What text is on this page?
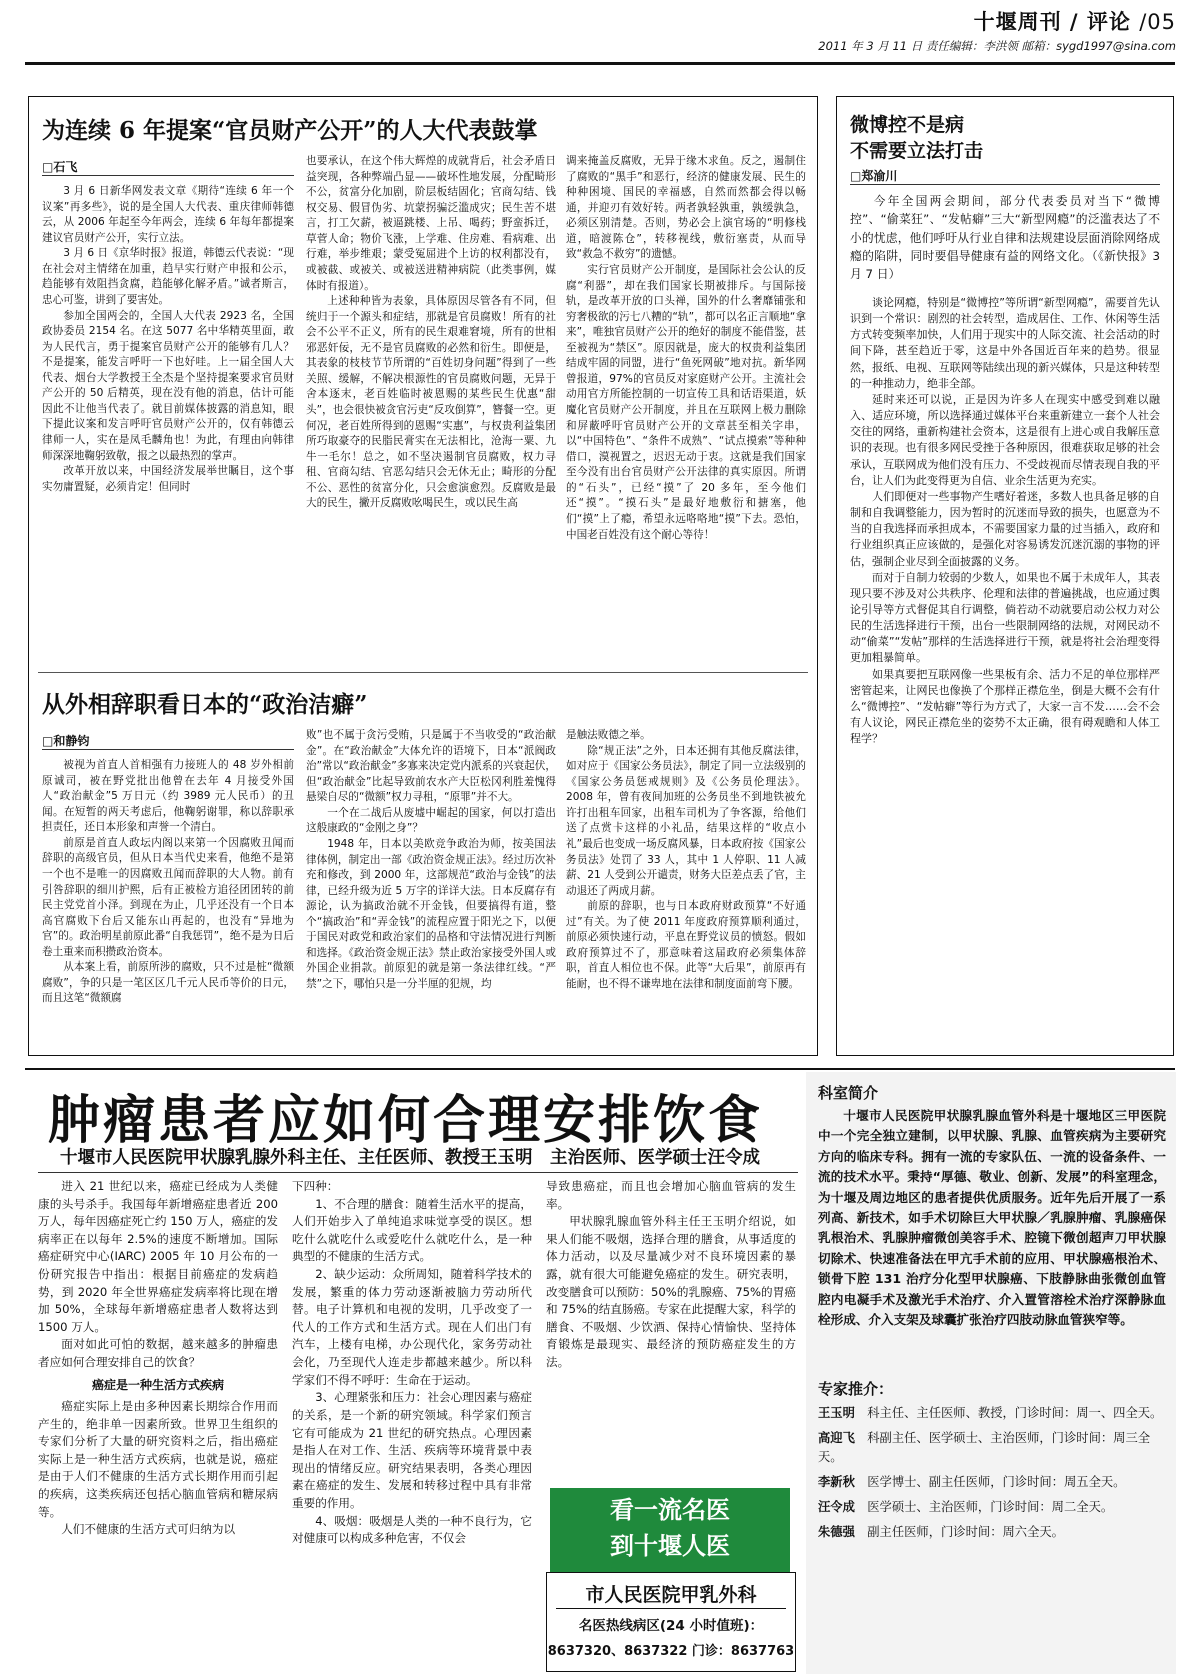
十堰周刊 / 评论 /05
2011 年 3 月 11 日 责任编辑：李洪领 邮箱：sygd1997@sina.com
为连续 6 年提案“官员财产公开”的人大代表鼓掌
□石飞

3 月 6 日新华网发表文章《期待“连续 6 年一个议案”再多些》，说的是全国人大代表、重庆律师韩德云，从 2006 年起至今年两会，连续 6 年每年都提案建议官员财产公开，实行立法。

3 月 6 日《京华时报》报道，韩德云代表说：“现在社会对主情绪在加重，趋早实行财产申报和公示，趋能够有效阻挡贪腐，趋能够化解矛盾。”诚者斯言，忠心可鉴，讲到了要害处。

参加全国两会的，全国人大代表 2923 名，全国政协委员 2154 名。在这 5077 名中华精英里面，敢为人民代言，勇于提案官员财产公开的能够有几人？不是提案，能发言呼吁一下也好哇。上一届全国人大代表、烟台大学教授王全杰是个坚持提案要求官员财产公开的 50 后精英，现在没有他的消息，估计可能因此不让他当代表了。就目前媒体披露的消息知，眼下提此议案和发言呼吁官员财产公开的，仅有韩德云律师一人，实在是凤毛麟角也！为此，有理由向韩律师深深地鞠躬致敬，报之以最热烈的掌声。

改革开放以来，中国经济发展举世瞩目，这个事实勿庸置疑，必须肯定！但同时

也要承认，在这个伟大辉煌的成就背后，社会矛盾日益突现，各种弊端凸显——破坏性地发展，分配畸形不公，贫富分化加剧，阶层板结固化；官商勾结、钱权交易、假冒伪劣、坑蒙拐骗泛滥成灾；民生苦不堪言，打工欠薪，被逼跳楼、上吊、喝药；野蛮拆迁，草菅人命；物价飞涨，上学难、住房难、看病难、出行难，举步维艰；蒙受冤屈进个上访的权利都没有，或被截、或被关、或被送进精神病院（此类事例，媒体时有报道）。

上述种种皆为表象，具体原因尽管各有不同，但统归于一个源头和症结，那就是官员腐败！所有的社会不公平不正义，所有的民生艰难窘境，所有的世相邪恶奸佞，无不是官员腐败的必然和衍生。即便是，其表象的枝枝节节所谓的“百姓切身问题”得到了一些关照、缓解，不解决根源性的官员腐败问题，无异于舍本逐末，老百姓临时被恩赐的某些民生优惠“甜头”，也会很快被贪官污吏“反攻倒算”，簪餐一空。更何况，老百姓所得到的恩赐“实惠”，与权贵利益集团所巧取豪夺的民脂民膏实在无法相比，沧海一粟、九牛一毛尔！总之，如不坚决遏制官员腐败，权力寻租、官商勾结、官恶勾结只会无休无止；畸形的分配不公、恶性的贫富分化，只会愈演愈烈。反腐败是最大的民生，撇开反腐败吆喝民生，或以民生高

调来掩盖反腐败，无异于缘木求鱼。反之，遏制住了腐败的“黑手”和恶行，经济的健康发展、民生的种种困境、国民的幸福感，自然而然都会得以畅通，并迎刃有效好转。两者孰轻孰重，孰缓孰急，必须区别清楚。否则，势必会上演官场的“明修栈道，暗渡陈仓”，转移视线，敷衍塞责，从而导致“救急不救穷”的遗憾。

实行官员财产公开制度，是国际社会公认的反腐“利器”，却在我们国家长期被排斥。与国际接轨，是改革开放的口头禅，国外的什么奢靡铺张和穷奢极欲的污七八糟的“轨”，都可以名正言顺地“拿来”，唯独官员财产公开的绝好的制度不能借鉴，甚至被视为“禁区”。原因就是，庞大的权贵利益集团结成牢固的同盟，进行“鱼死网破”地对抗。新华网曾报道，97%的官员反对家庭财产公开。主流社会动用官方所能控制的一切宣传工具和话语渠道，妖魔化官员财产公开制度，并且在互联网上极力删除和屏蔽呼吁官员财产公开的文章甚至相关字串，以“中国特色”、“条件不成熟”、“试点摸索”等种种借口，漠视置之，迟迟无动于衷。这就是我们国家至今没有出台官员财产公开法律的真实原因。所谓的“石头”，已经“摸”了 20 多年，至今他们还“摸”。“摸石头”是最好地敷衍和搪塞，他们“摸”上了瘾，希望永远咯咯地“摸”下去。恐怕，中国老百姓没有这个耐心等待！

从外相辞职看日本的“政治洁癖”
□和静钧

被视为首直人首相强有力接班人的 48 岁外相前原诚司，被在野党批出他曾在去年 4 月接受外国人“政治献金”5 万日元（约 3989 元人民币）的丑闻。在短暂的两天考虑后，他鞠躬谢罪，称以辞职承担责任，还日本形象和声誉一个清白。

前原是首直人政坛内阁以来第一个因腐败丑闻而辞职的高级官员，但从日本当代史来看，他绝不是第一个也不是唯一的因腐败丑闻而辞职的大人物。前有引咎辞职的细川护熙，后有正被检方追径团团转的前民主党党首小泽。到现在为止，几乎还没有一个日本高官腐败下台后又能东山再起的，也没有“异地为官”的。政治明星前原此番“自我惩罚”，绝不是为日后卷土重来而积攒政治资本。

从本案上看，前原所涉的腐败，只不过是桩“微额腐败”，争的只是一笔区区几千元人民币等价的日元，而且这笔“微额腐

败”也不属于贪污受贿，只是属于不当收受的“政治献金”。在“政治献金”大体允许的语境下，日本“派阀政治”常以“政治献金”多寡来决定党内派系的兴衰起伏，但“政治献金”比起导致前农水产大臣松冈利胜羞愧得悬梁自尽的“微额”权力寻租，“原罪”并不大。

一个在二战后从废墟中崛起的国家，何以打造出这般康政的“金刚之身”？

1948 年，日本以美欧竞争政治为师，按美国法律体例，制定出一部《政治资金规正法》。经过历次补充和修改，到 2000 年，这部规范“政治与金钱”的法律，已经升级为近 5 万字的详详大法。日本反腐存有源论，认为搞政治就不开金钱，但要搞得有道，整个“搞政治”和“弄金钱”的流程应置于阳光之下，以便于国民对政党和政治家们的品格和守法情况进行判断和选择。《政治资金规正法》禁止政治家接受外国人或外国企业捐款。前原犯的就是第一条法律红线。“严禁”之下，哪怕只是一分半厘的犯规，均

是触法败德之举。

除“规正法”之外，日本还拥有其他反腐法律，如对应于《国家公务员法》，制定了同一立法级别的《国家公务员惩戒规则》及《公务员伦理法》。2008 年，曾有夜间加班的公务员坐不到地铁被允许打出租车回家，出租车司机为了争客源，给他们送了点赏卡这样的小礼品，结果这样的“收点小礼”最后也变成一场反腐风暴，日本政府按《国家公务员法》处罚了 33 人，其中 1 人停职、11 人减薪、21 人受到公开谴责，财务大臣差点丢了官，主动退还了两成月薪。

前原的辞职，也与日本政府财政预算“不好通过”有关。为了使 2011 年度政府预算顺利通过，前原必须快速行动，平息在野党议员的愤怒。假如政府预算过不了，那意味着这届政府必须集体辞职，首直人相位也不保。此等“大后果”，前原再有能耐，也不得不谦卑地在法律和制度面前弯下腰。

微博控不是病
不需要立法打击
□郑渝川

今年全国两会期间，部分代表委员对当下“微博控”、“偷菜狂”、“发帖癖”三大“新型网瘾”的泛滥表达了不小的忧虑，他们呼吁从行业自律和法规建设层面消除网络成瘾的陷阱，同时要倡导健康有益的网络文化。（《新快报》3 月 7 日）

谈论网瘾，特别是“微博控”等所谓“新型网瘾”，需要首先认识到一个常识：剧烈的社会转型，造成居住、工作、休闲等生活方式转变频率加快，人们用于现实中的人际交流、社会活动的时间下降，甚至趋近于零，这是中外各国近百年来的趋势。很显然，报纸、电视、互联网等陆续出现的新兴媒体，只是这种转型的一种推动力，绝非全部。

延时来还可以说，正是因为许多人在现实中感受到难以融入、适应环境，所以选择通过媒体平台来重新建立一套个人社会交往的网络，重新构建社会资本，这是很有上进心或自我解压意识的表现。也有很多网民受挫于各种原因，很难获取足够的社会承认，互联网成为他们没有压力、不受歧视而尽情表现自我的平台，让人们为此变得更为自信、业余生活更为充实。

人们即便对一些事物产生嗜好着迷，多数人也具备足够的自制和自我调整能力，因为暂时的沉迷而导致的损失，也愿意为不当的自我选择而承担成本，不需要国家力量的过当插入，政府和行业组织真正应该做的，是强化对容易诱发沉迷沉溺的事物的评估，强制企业尽到全面披露的义务。

而对于自制力较弱的少数人，如果也不属于未成年人，其表现只要不涉及对公共秩序、伦理和法律的普遍挑战，也应通过舆论引导等方式督促其自行调整，倘若动不动就要启动公权力对公民的生活选择进行干预，出台一些限制网络的法规，对网民动不动“偷菜”“发帖”那样的生活选择进行干预，就是将社会治理变得更加粗暴简单。

如果真要把互联网像一些果板有余、活力不足的单位那样严密管起来，让网民也像换了个那样正襟危坐，倒是大概不会有什么“微博控”、“发帖癖”等行为方式了，大家一言不发……会不会有人议论，网民正襟危坐的姿势不太正确，很有碍观瞻和人体工程学？

肿瘤患者应如何合理安排饮食
十堰市人民医院甲状腺乳腺外科主任、主任医师、教授王玉明　主治医师、医学硕士汪令成

进入 21 世纪以来，癌症已经成为人类健康的头号杀手。我国每年新增癌症患者近 200 万人，每年因癌症死亡约 150 万人，癌症的发病率正在以每年 2.5%的速度不断增加。国际癌症研究中心(IARC) 2005 年 10 月公布的一份研究报告中指出：根据目前癌症的发病趋势，到 2020 年全世界癌症发病率将比现在增加 50%，全球每年新增癌症患者人数将达到 1500 万人。

面对如此可怕的数据，越来越多的肿瘤患者应如何合理安排自己的饮食？

癌症是一种生活方式疾病

癌症实际上是由多种因素长期综合作用而产生的，绝非单一因素所致。世界卫生组织的专家们分析了大量的研究资料之后，指出癌症实际上是一种生活方式疾病，也就是说，癌症是由于人们不健康的生活方式长期作用而引起的疾病，这类疾病还包括心脑血管病和糖尿病等。

人们不健康的生活方式可归纳为以

下四种：

1、不合理的膳食：随着生活水平的提高，人们开始步入了单纯追求味觉享受的误区。想吃什么就吃什么或爱吃什么就吃什么，是一种典型的不健康的生活方式。

2、缺少运动：众所周知，随着科学技术的发展，繁重的体力劳动逐渐被脑力劳动所代替。电子计算机和电视的发明，几乎改变了一代人的工作方式和生活方式。现在人们出门有汽车，上楼有电梯，办公现代化，家务劳动社会化，乃至现代人连走步都越来越少。所以科学家们不得不呼吁：生命在于运动。

3、心理紧张和压力：社会心理因素与癌症的关系，是一个新的研究领域。科学家们预言它有可能成为 21 世纪的研究热点。心理因素是指人在对工作、生活、疾病等环境背景中表现出的情绪反应。研究结果表明，各类心理因素在癌症的发生、发展和转移过程中具有非常重要的作用。

4、吸烟：吸烟是人类的一种不良行为，它对健康可以构成多种危害，不仅会

导致患癌症，而且也会增加心脑血管病的发生率。

甲状腺乳腺血管外科主任王玉明介绍说，如果人们能不吸烟，选择合理的膳食，从事适度的体力活动，以及尽量减少对不良环境因素的暴露，就有很大可能避免癌症的发生。研究表明，改变膳食可以预防：50%的乳腺癌、75%的胃癌和 75%的结直肠癌。专家在此提醒大家，科学的膳食、不吸烟、少饮酒、保持心情愉快、坚持体育锻炼是最现实、最经济的预防癌症发生的方法。

看一流名医
到十堰人医
市人民医院甲乳外科
名医热线病区(24 小时值班)：
8637320、8637322 门诊：8637763
科室简介

十堰市人民医院甲状腺乳腺血管外科是十堰地区三甲医院中一个完全独立建制，以甲状腺、乳腺、血管疾病为主要研究方向的临床专科。拥有一流的专家队伍、一流的设备条件、一流的技术水平。秉持“厚德、敬业、创新、发展”的科室理念，为十堰及周边地区的患者提供优质服务。近年先后开展了一系列高、新技术，如手术切除巨大甲状腺／乳腺肿瘤、乳腺癌保乳根治术、乳腺肿瘤微创美容手术、腔镜下微创超声刀甲状腺切除术、快速准备法在甲亢手术前的应用、甲状腺癌根治术、锁骨下腔 131 治疗分化型甲状腺癌、下肢静脉曲张微创血管腔内电凝手术及激光手术治疗、介入置管溶栓术治疗深静脉血栓形成、介入支架及球囊扩张治疗四肢动脉血管狭窄等。

专家推介：
王玉明　 科主任、主任医师、教授，门诊时间：周一、四全天。
高迎飞　 科副主任、医学硕士、主治医师，门诊时间：周三全天。
李新秋　 医学博士、副主任医师，门诊时间：周五全天。
汪令成　 医学硕士、主治医师，门诊时间：周二全天。
朱德强　 副主任医师，门诊时间：周六全天。
